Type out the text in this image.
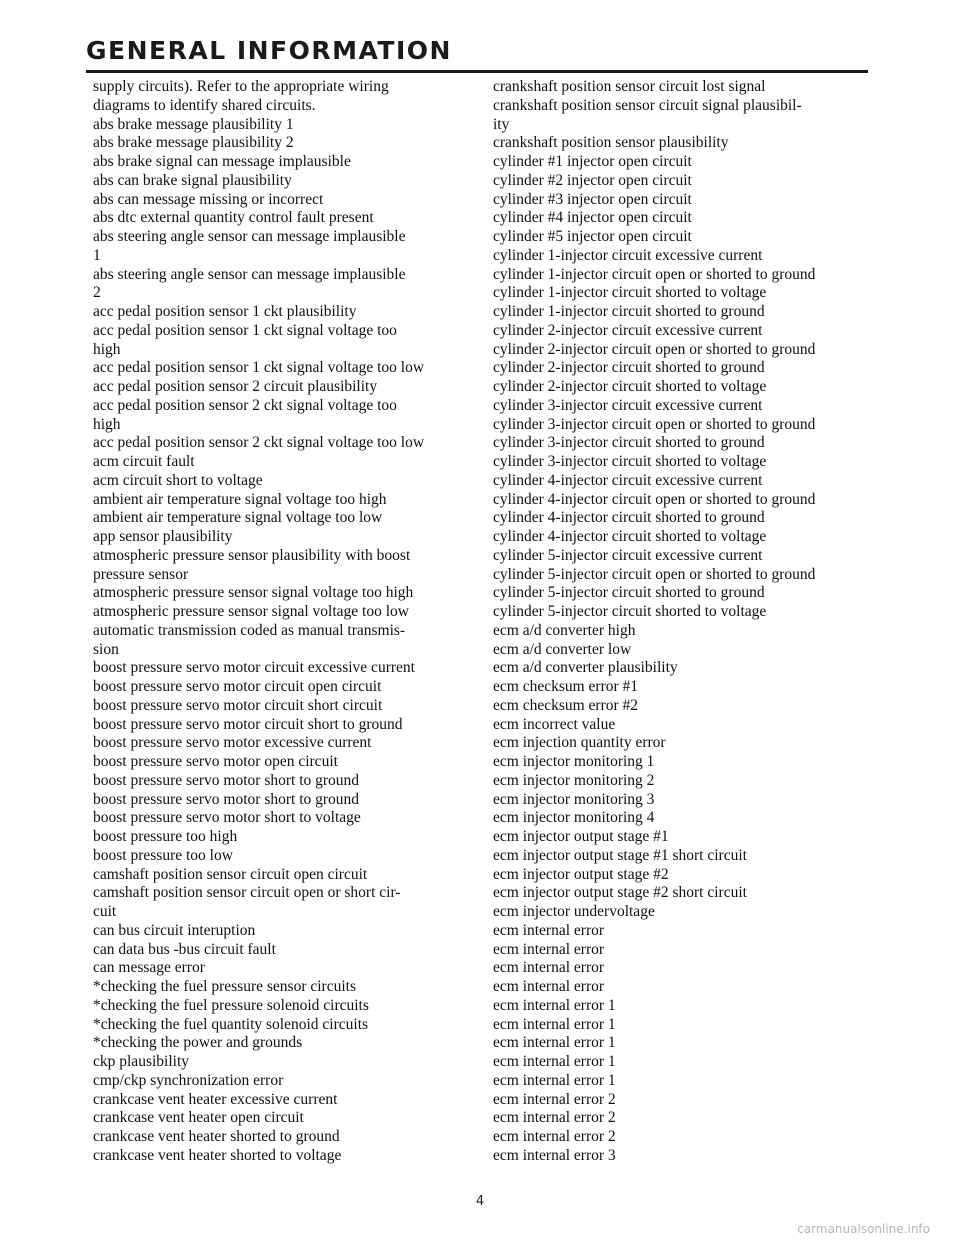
GENERAL INFORMATION
supply circuits). Refer to the appropriate wiring
diagrams to identify shared circuits.
abs brake message plausibility 1
abs brake message plausibility 2
abs brake signal can message implausible
abs can brake signal plausibility
abs can message missing or incorrect
abs dtc external quantity control fault present
abs steering angle sensor can message implausible
1
abs steering angle sensor can message implausible
2
acc pedal position sensor 1 ckt plausibility
acc pedal position sensor 1 ckt signal voltage too
high
acc pedal position sensor 1 ckt signal voltage too low
acc pedal position sensor 2 circuit plausibility
acc pedal position sensor 2 ckt signal voltage too
high
acc pedal position sensor 2 ckt signal voltage too low
acm circuit fault
acm circuit short to voltage
ambient air temperature signal voltage too high
ambient air temperature signal voltage too low
app sensor plausibility
atmospheric pressure sensor plausibility with boost
pressure sensor
atmospheric pressure sensor signal voltage too high
atmospheric pressure sensor signal voltage too low
automatic transmission coded as manual transmis-
sion
boost pressure servo motor circuit excessive current
boost pressure servo motor circuit open circuit
boost pressure servo motor circuit short circuit
boost pressure servo motor circuit short to ground
boost pressure servo motor excessive current
boost pressure servo motor open circuit
boost pressure servo motor short to ground
boost pressure servo motor short to ground
boost pressure servo motor short to voltage
boost pressure too high
boost pressure too low
camshaft position sensor circuit open circuit
camshaft position sensor circuit open or short cir-
cuit
can bus circuit interuption
can data bus -bus circuit fault
can message error
*checking the fuel pressure sensor circuits
*checking the fuel pressure solenoid circuits
*checking the fuel quantity solenoid circuits
*checking the power and grounds
ckp plausibility
cmp/ckp synchronization error
crankcase vent heater excessive current
crankcase vent heater open circuit
crankcase vent heater shorted to ground
crankcase vent heater shorted to voltage
crankshaft position sensor circuit lost signal
crankshaft position sensor circuit signal plausibil-
ity
crankshaft position sensor plausibility
cylinder #1 injector open circuit
cylinder #2 injector open circuit
cylinder #3 injector open circuit
cylinder #4 injector open circuit
cylinder #5 injector open circuit
cylinder 1-injector circuit excessive current
cylinder 1-injector circuit open or shorted to ground
cylinder 1-injector circuit shorted to voltage
cylinder 1-injector circuit shorted to ground
cylinder 2-injector circuit excessive current
cylinder 2-injector circuit open or shorted to ground
cylinder 2-injector circuit shorted to ground
cylinder 2-injector circuit shorted to voltage
cylinder 3-injector circuit excessive current
cylinder 3-injector circuit open or shorted to ground
cylinder 3-injector circuit shorted to ground
cylinder 3-injector circuit shorted to voltage
cylinder 4-injector circuit excessive current
cylinder 4-injector circuit open or shorted to ground
cylinder 4-injector circuit shorted to ground
cylinder 4-injector circuit shorted to voltage
cylinder 5-injector circuit excessive current
cylinder 5-injector circuit open or shorted to ground
cylinder 5-injector circuit shorted to ground
cylinder 5-injector circuit shorted to voltage
ecm a/d converter high
ecm a/d converter low
ecm a/d converter plausibility
ecm checksum error #1
ecm checksum error #2
ecm incorrect value
ecm injection quantity error
ecm injector monitoring 1
ecm injector monitoring 2
ecm injector monitoring 3
ecm injector monitoring 4
ecm injector output stage #1
ecm injector output stage #1 short circuit
ecm injector output stage #2
ecm injector output stage #2 short circuit
ecm injector undervoltage
ecm internal error
ecm internal error
ecm internal error
ecm internal error
ecm internal error 1
ecm internal error 1
ecm internal error 1
ecm internal error 1
ecm internal error 1
ecm internal error 2
ecm internal error 2
ecm internal error 2
ecm internal error 3
4
carmanualsonline.info
